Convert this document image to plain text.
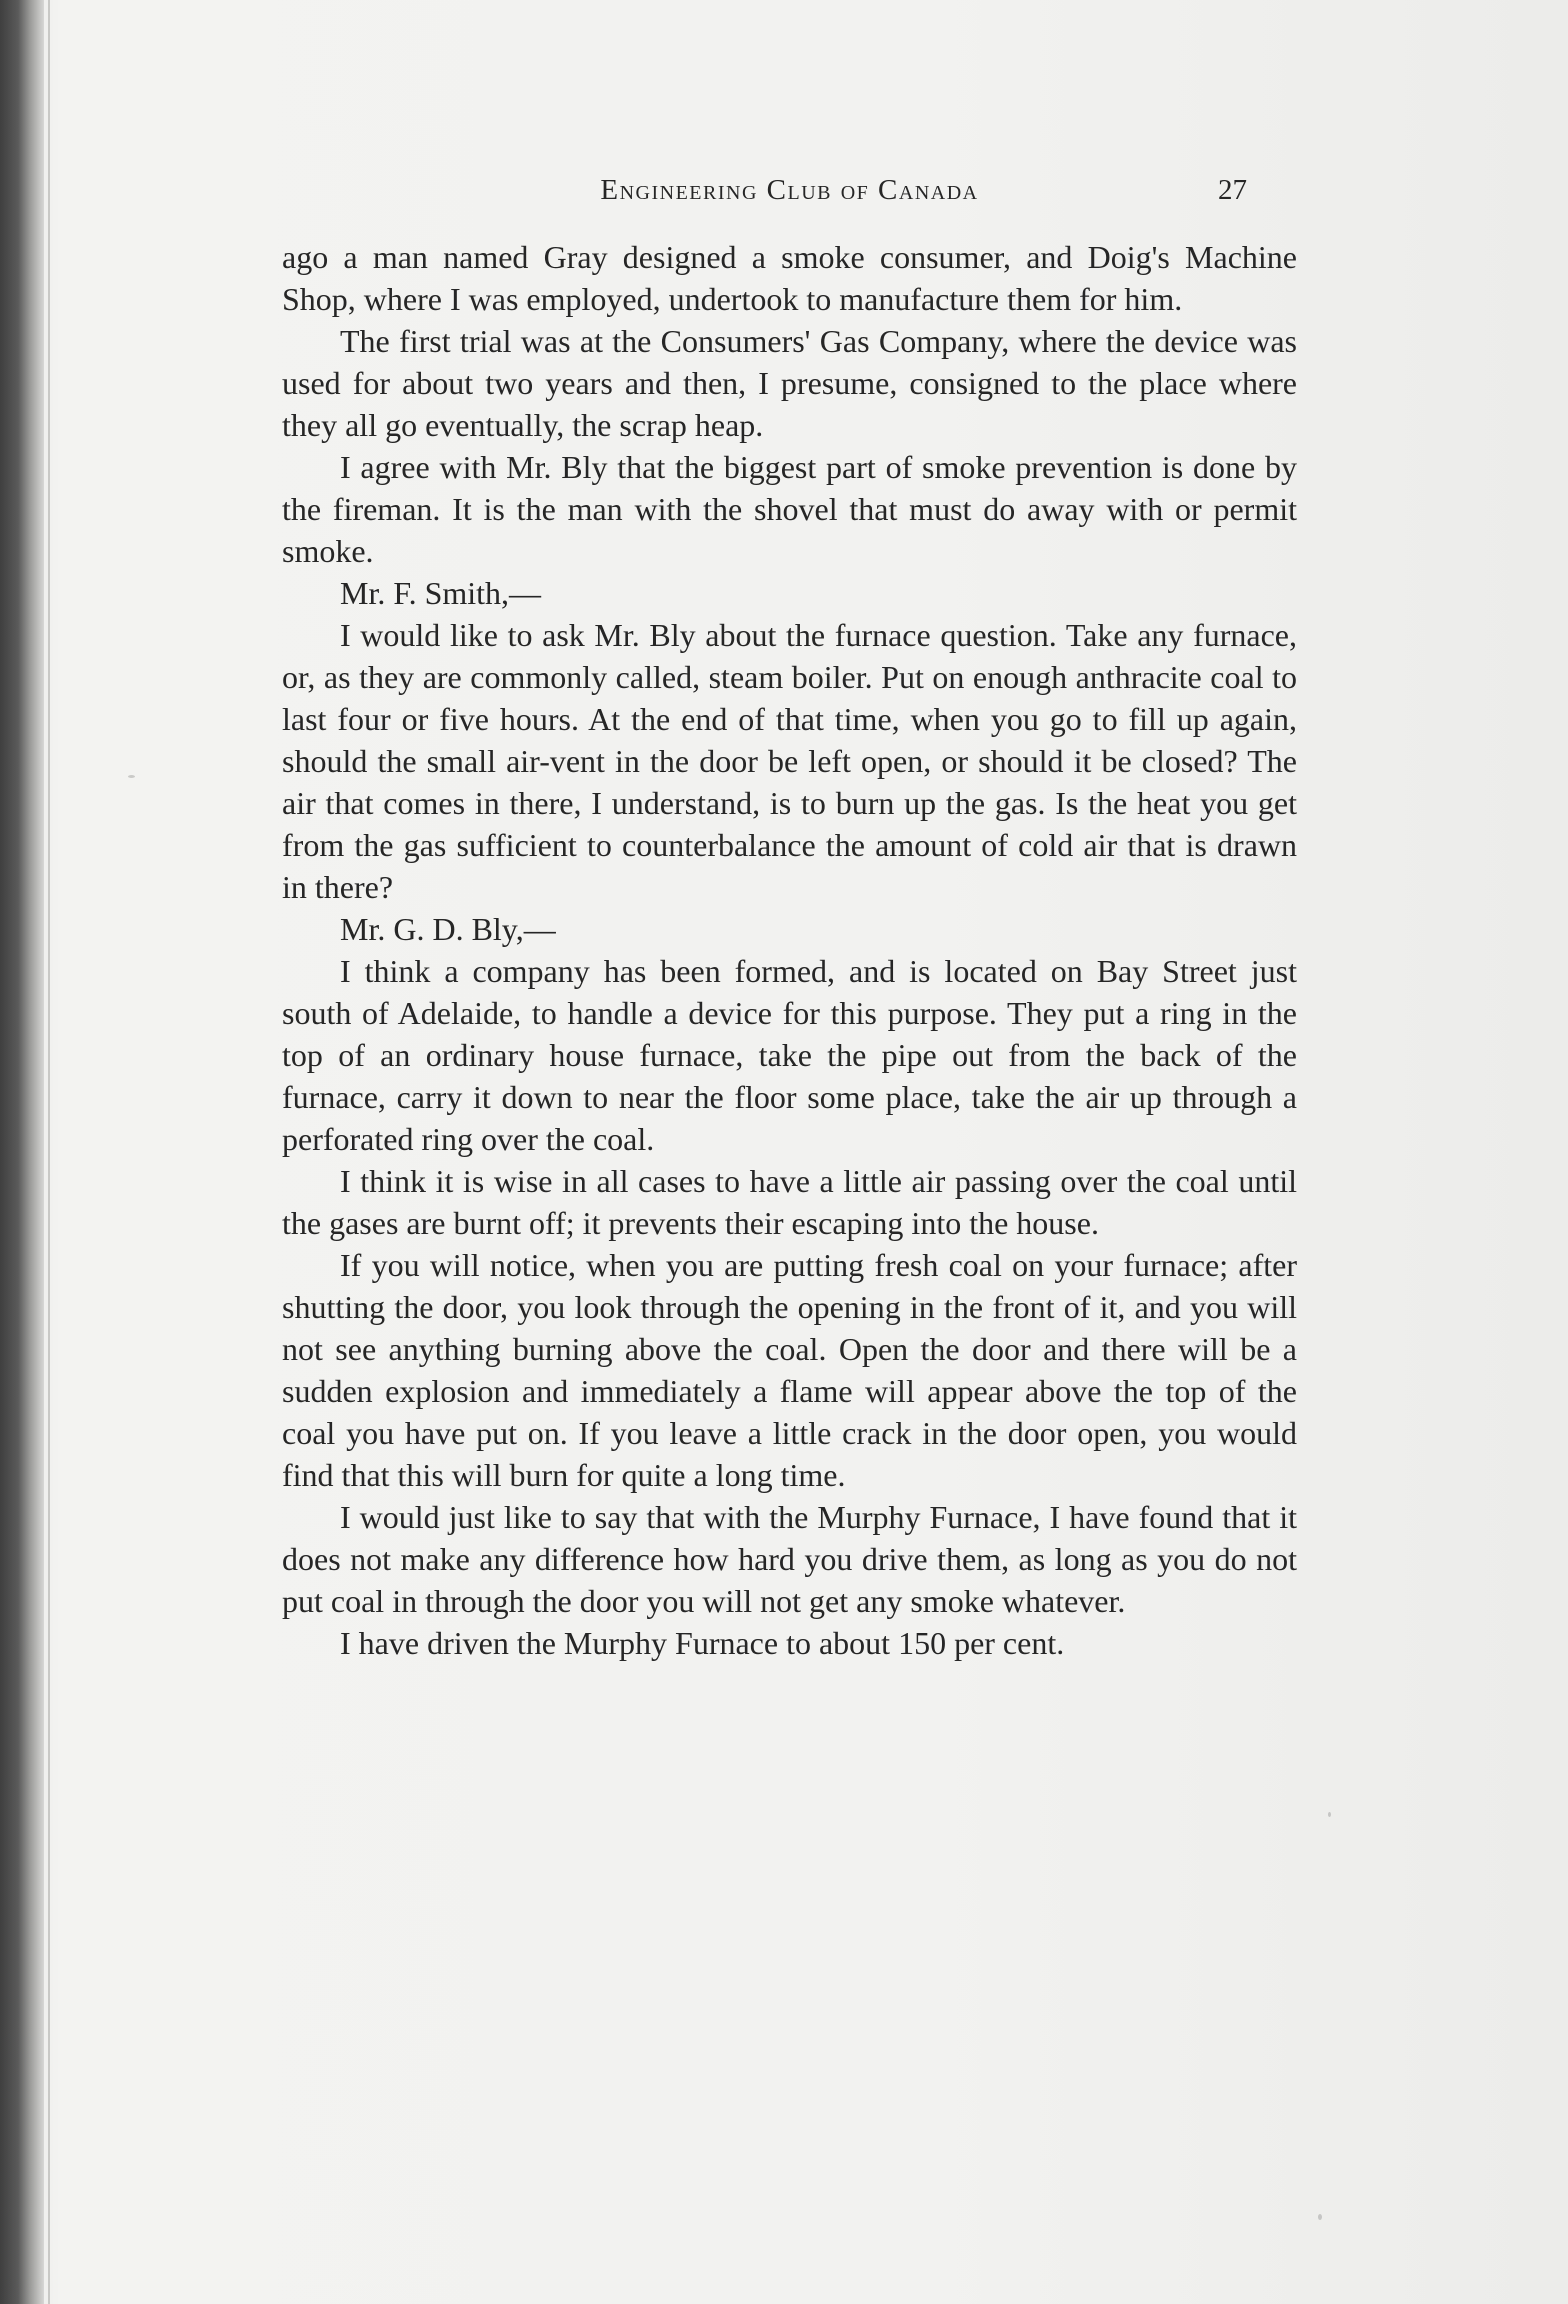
Engineering Club of Canada	27

ago a man named Gray designed a smoke consumer, and Doig's Machine Shop, where I was employed, undertook to manufacture them for him.

The first trial was at the Consumers' Gas Company, where the device was used for about two years and then, I presume, consigned to the place where they all go eventually, the scrap heap.

I agree with Mr. Bly that the biggest part of smoke prevention is done by the fireman. It is the man with the shovel that must do away with or permit smoke.

Mr. F. Smith,—

I would like to ask Mr. Bly about the furnace question. Take any furnace, or, as they are commonly called, steam boiler. Put on enough anthracite coal to last four or five hours. At the end of that time, when you go to fill up again, should the small air-vent in the door be left open, or should it be closed? The air that comes in there, I understand, is to burn up the gas. Is the heat you get from the gas sufficient to counterbalance the amount of cold air that is drawn in there?

Mr. G. D. Bly,—

I think a company has been formed, and is located on Bay Street just south of Adelaide, to handle a device for this purpose. They put a ring in the top of an ordinary house furnace, take the pipe out from the back of the furnace, carry it down to near the floor some place, take the air up through a perforated ring over the coal.

I think it is wise in all cases to have a little air passing over the coal until the gases are burnt off; it prevents their escaping into the house.

If you will notice, when you are putting fresh coal on your furnace; after shutting the door, you look through the opening in the front of it, and you will not see anything burning above the coal. Open the door and there will be a sudden explosion and immediately a flame will appear above the top of the coal you have put on. If you leave a little crack in the door open, you would find that this will burn for quite a long time.

I would just like to say that with the Murphy Furnace, I have found that it does not make any difference how hard you drive them, as long as you do not put coal in through the door you will not get any smoke whatever.

I have driven the Murphy Furnace to about 150 per cent.
